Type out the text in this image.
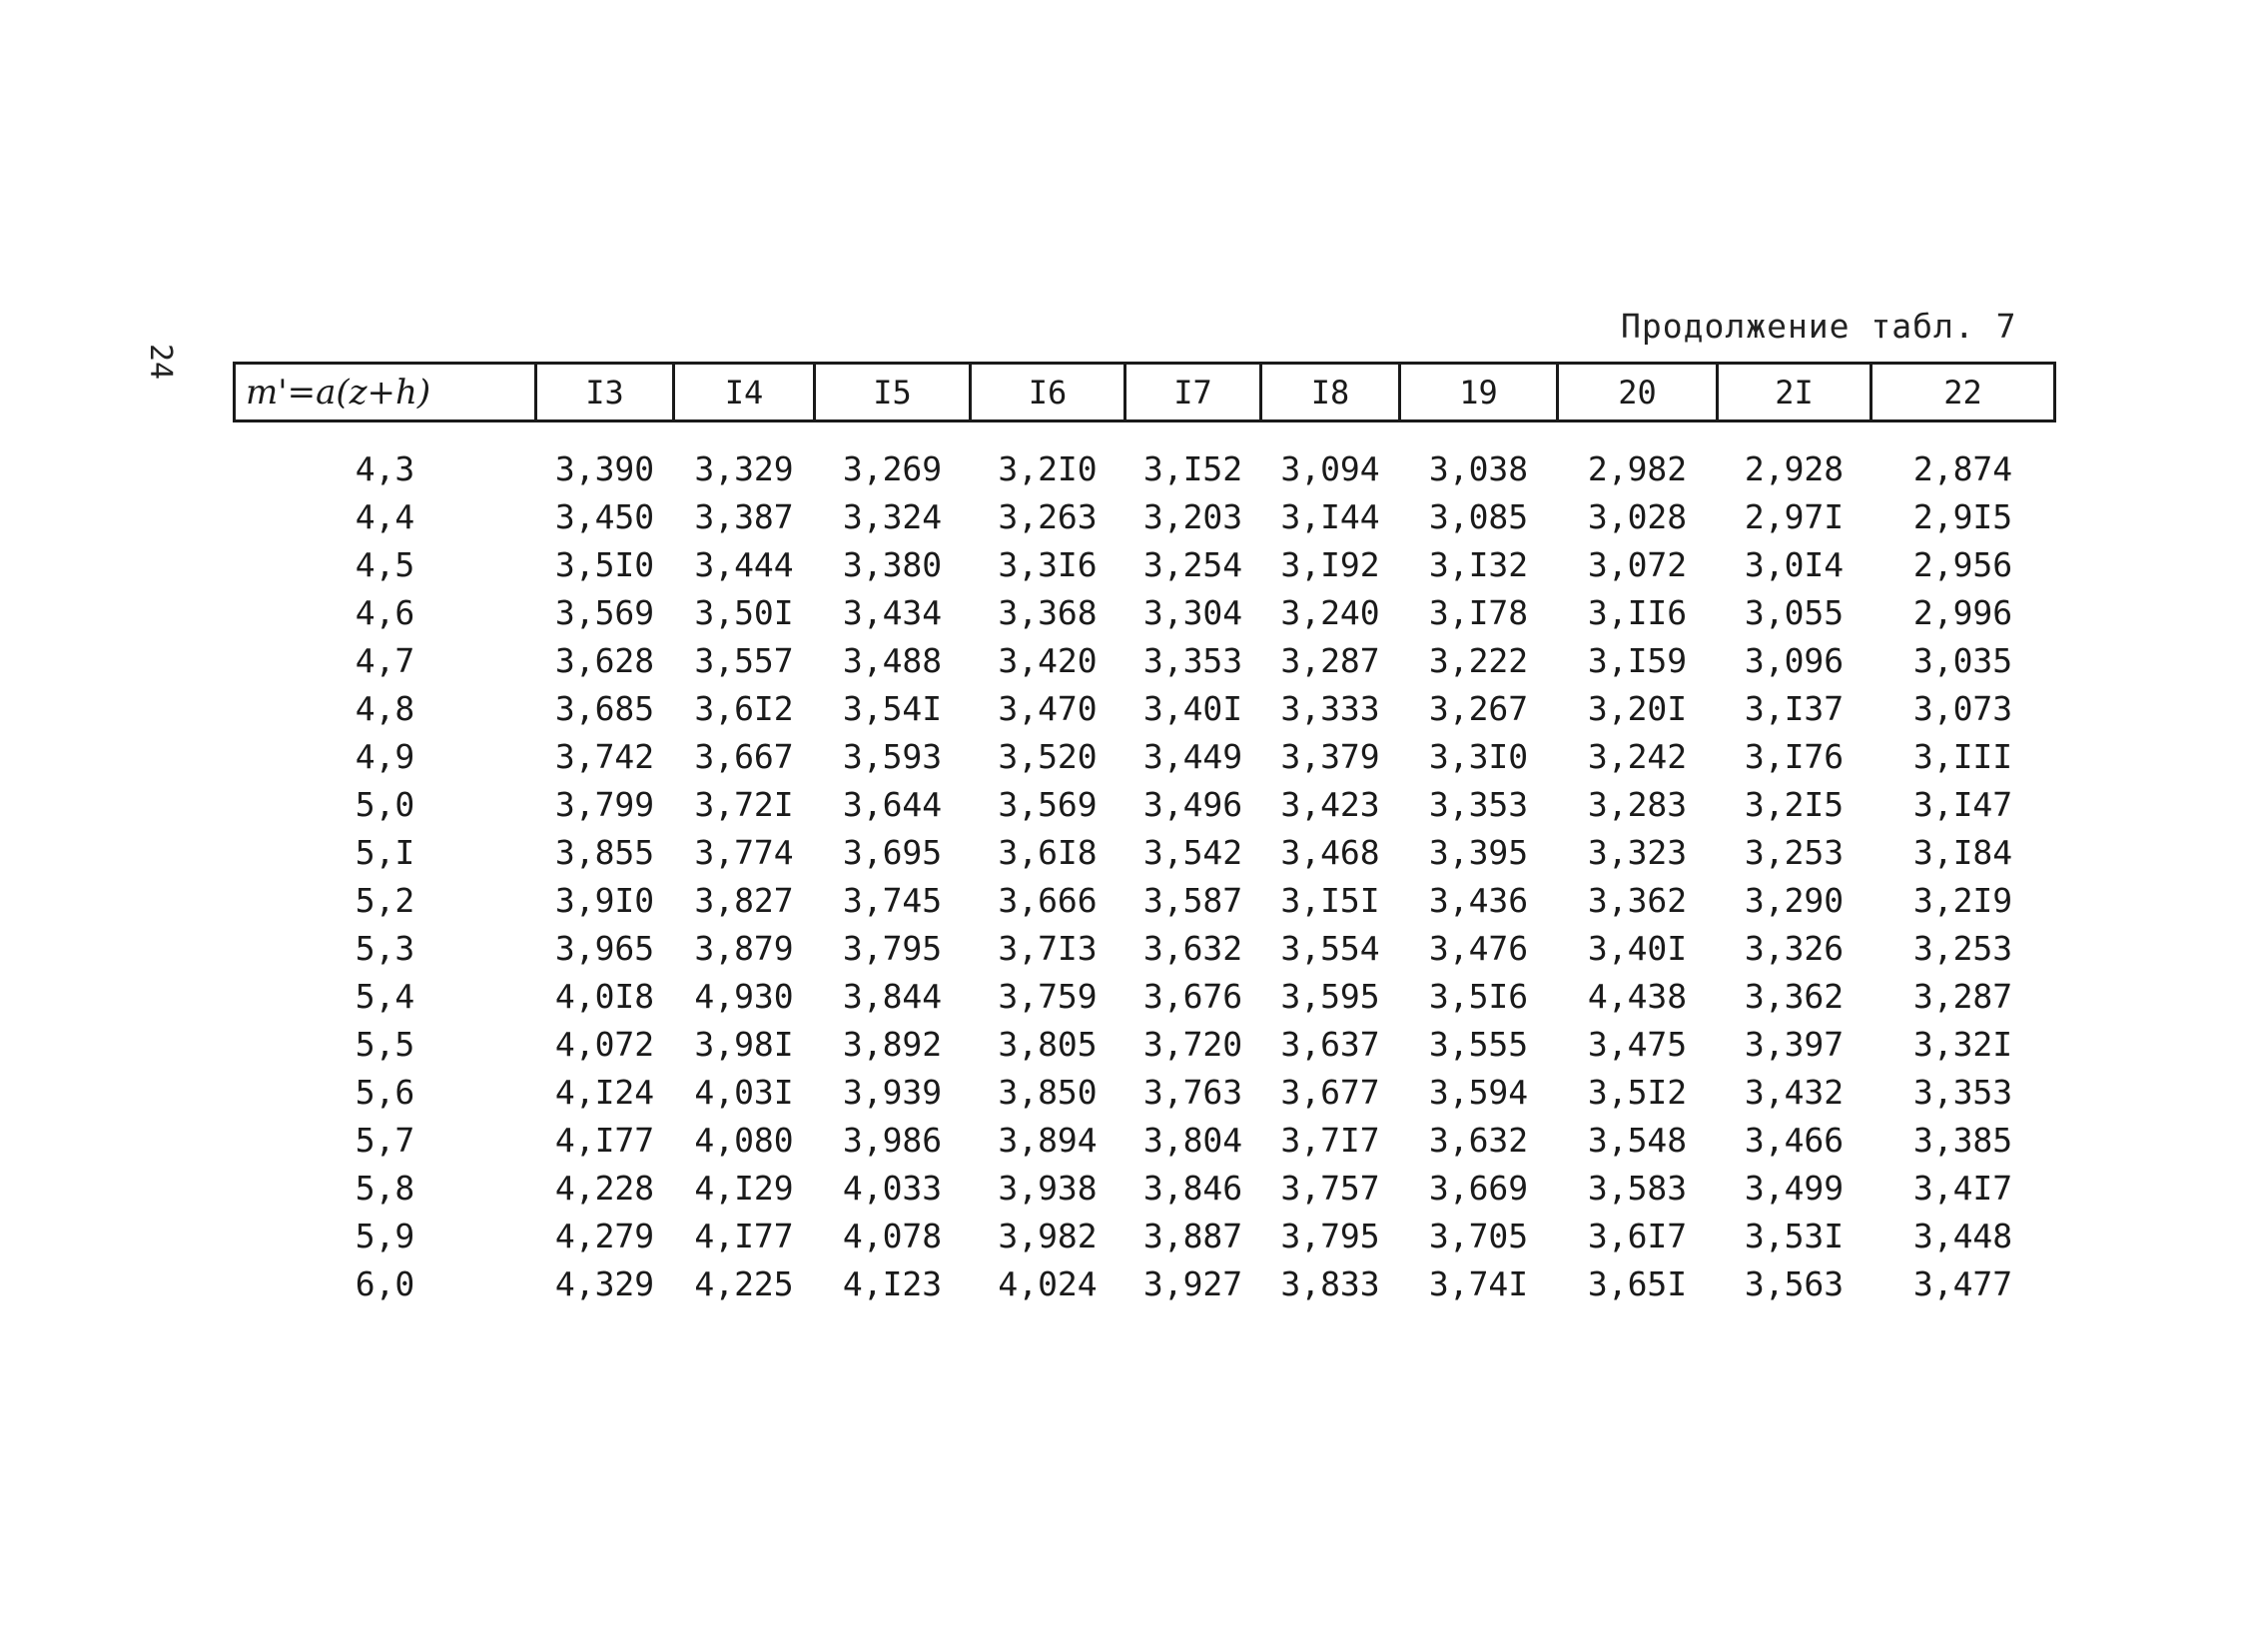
24
Продолжение табл. 7
m'=a(z+h)	I3	I4	I5	I6	I7	I8	19	20	2I	22
4,3	3,390	3,329	3,269	3,2I0	3,I52	3,094	3,038	2,982	2,928	2,874
4,4	3,450	3,387	3,324	3,263	3,203	3,I44	3,085	3,028	2,97I	2,9I5
4,5	3,5I0	3,444	3,380	3,3I6	3,254	3,I92	3,I32	3,072	3,0I4	2,956
4,6	3,569	3,50I	3,434	3,368	3,304	3,240	3,I78	3,II6	3,055	2,996
4,7	3,628	3,557	3,488	3,420	3,353	3,287	3,222	3,I59	3,096	3,035
4,8	3,685	3,6I2	3,54I	3,470	3,40I	3,333	3,267	3,20I	3,I37	3,073
4,9	3,742	3,667	3,593	3,520	3,449	3,379	3,3I0	3,242	3,I76	3,III
5,0	3,799	3,72I	3,644	3,569	3,496	3,423	3,353	3,283	3,2I5	3,I47
5,I	3,855	3,774	3,695	3,6I8	3,542	3,468	3,395	3,323	3,253	3,I84
5,2	3,9I0	3,827	3,745	3,666	3,587	3,I5I	3,436	3,362	3,290	3,2I9
5,3	3,965	3,879	3,795	3,7I3	3,632	3,554	3,476	3,40I	3,326	3,253
5,4	4,0I8	4,930	3,844	3,759	3,676	3,595	3,5I6	4,438	3,362	3,287
5,5	4,072	3,98I	3,892	3,805	3,720	3,637	3,555	3,475	3,397	3,32I
5,6	4,I24	4,03I	3,939	3,850	3,763	3,677	3,594	3,5I2	3,432	3,353
5,7	4,I77	4,080	3,986	3,894	3,804	3,7I7	3,632	3,548	3,466	3,385
5,8	4,228	4,I29	4,033	3,938	3,846	3,757	3,669	3,583	3,499	3,4I7
5,9	4,279	4,I77	4,078	3,982	3,887	3,795	3,705	3,6I7	3,53I	3,448
6,0	4,329	4,225	4,I23	4,024	3,927	3,833	3,74I	3,65I	3,563	3,477
